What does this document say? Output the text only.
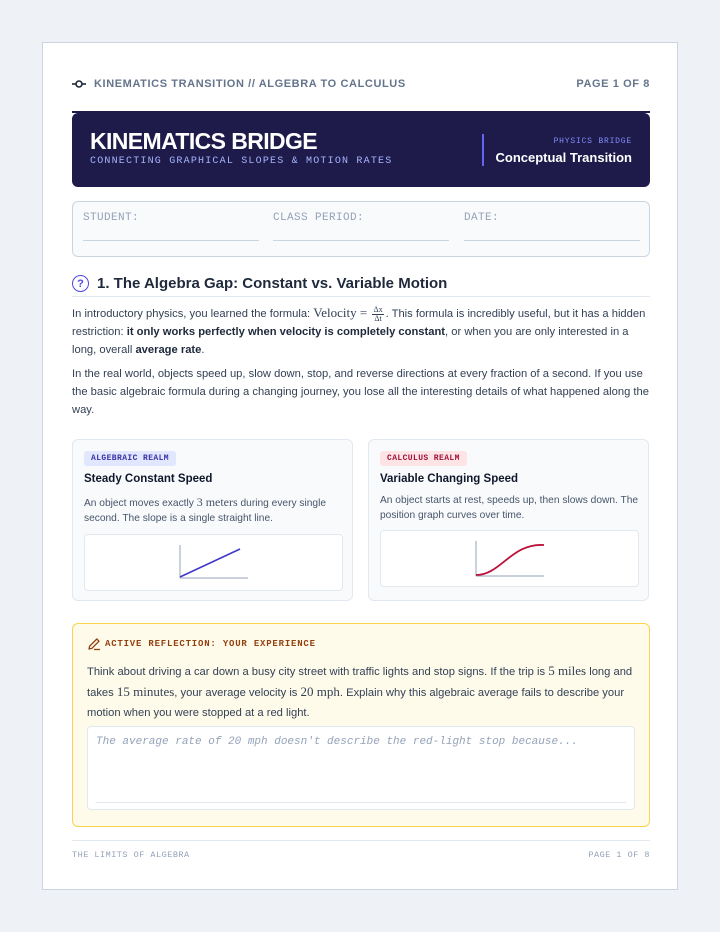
KINEMATICS TRANSITION // ALGEBRA TO CALCULUS	PAGE 1 OF 8
KINEMATICS BRIDGE
CONNECTING GRAPHICAL SLOPES & MOTION RATES
PHYSICS BRIDGE
Conceptual Transition
STUDENT:	CLASS PERIOD:	DATE:
? 1. The Algebra Gap: Constant vs. Variable Motion
In introductory physics, you learned the formula: Velocity = $\frac{\Delta x}{\Delta t}$ . This formula is incredibly useful, but it has a hidden restriction: it only works perfectly when velocity is completely constant, or when you are only interested in a long, overall average rate.
In the real world, objects speed up, slow down, stop, and reverse directions at every fraction of a second. If you use the basic algebraic formula during a changing journey, you lose all the interesting details of what happened along the way.
ALGEBRAIC REALM
Steady Constant Speed

An object moves exactly 3 meters during every single second. The slope is a single straight line.

CALCULUS REALM
Variable Changing Speed

An object starts at rest, speeds up, then slows down. The position graph curves over time.

ACTIVE REFLECTION: YOUR EXPERIENCE
Think about driving a car down a busy city street with traffic lights and stop signs. If the trip is 5 miles long and takes 15 minutes, your average velocity is 20 mph. Explain why this algebraic average fails to describe your motion when you were stopped at a red light.
The average rate of 20 mph doesn't describe the red-light stop because...
THE LIMITS OF ALGEBRA	PAGE 1 OF 8
